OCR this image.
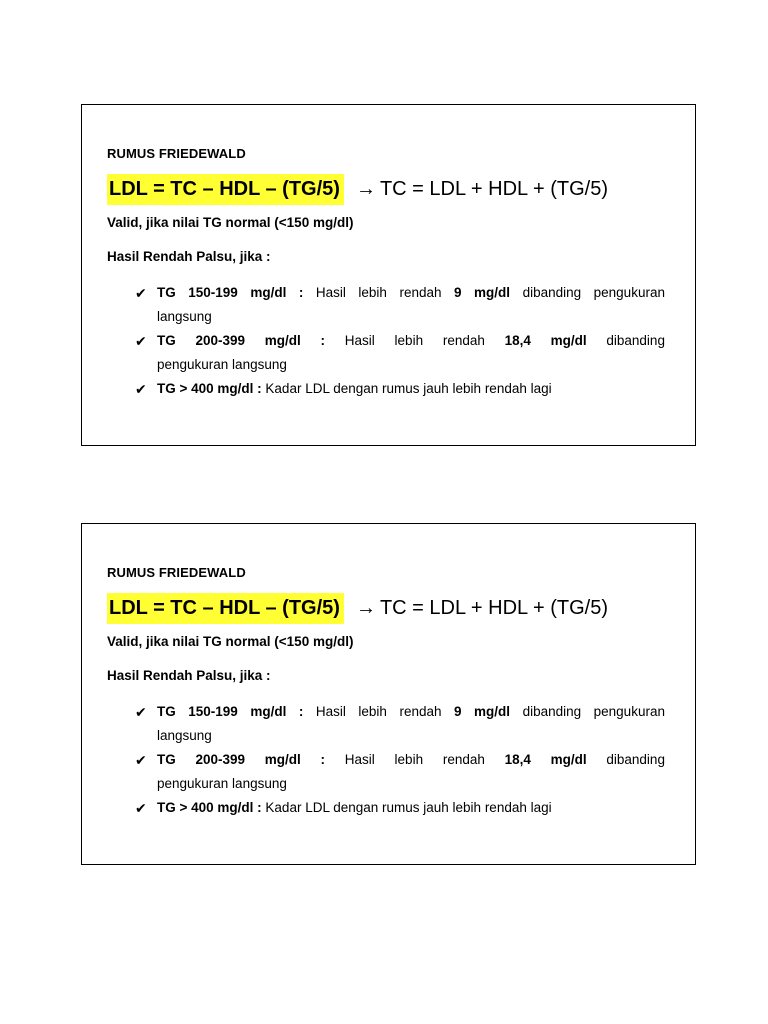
RUMUS FRIEDEWALD
LDL = TC – HDL – (TG/5) → TC = LDL + HDL + (TG/5)
Valid, jika nilai TG normal (<150 mg/dl)
Hasil Rendah Palsu, jika :
✔ TG 150-199 mg/dl : Hasil lebih rendah 9 mg/dl dibanding pengukuran
langsung
✔ TG 200-399 mg/dl : Hasil lebih rendah 18,4 mg/dl dibanding
pengukuran langsung
✔ TG > 400 mg/dl : Kadar LDL dengan rumus jauh lebih rendah lagi
RUMUS FRIEDEWALD
LDL = TC – HDL – (TG/5) → TC = LDL + HDL + (TG/5)
Valid, jika nilai TG normal (<150 mg/dl)
Hasil Rendah Palsu, jika :
✔ TG 150-199 mg/dl : Hasil lebih rendah 9 mg/dl dibanding pengukuran
langsung
✔ TG 200-399 mg/dl : Hasil lebih rendah 18,4 mg/dl dibanding
pengukuran langsung
✔ TG > 400 mg/dl : Kadar LDL dengan rumus jauh lebih rendah lagi
